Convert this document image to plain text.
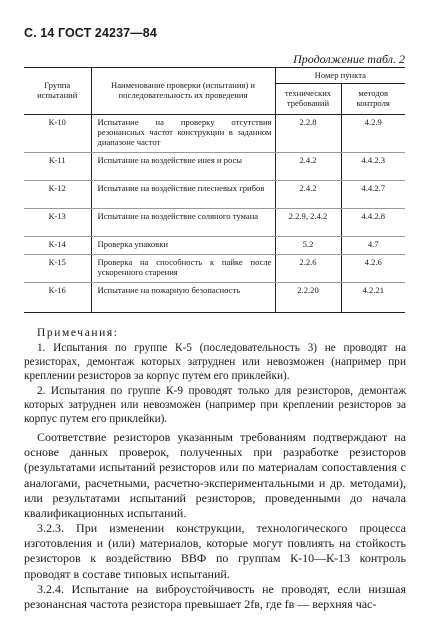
С. 14 ГОСТ 24237—84
Продолжение табл. 2
Группа испытаний	Наименование проверки (испытания) и последовательность их проведения	Номер пункта	
		технических требований	методов контроля
К-10	Испытание на проверку отсутствия резонансных частот конструкции в заданном диапазоне частот	2.2.8	4.2.9
К-11	Испытание на воздействие инея и росы	2.4.2	4.4.2.3
К-12	Испытание на воздействие плесневых грибов	2.4.2	4.4.2.7
К-13	Испытание на воздействие соляного тумана	2.2.9, 2.4.2	4.4.2.8
К-14	Проверка упаковки	5.2	4.7
К-15	Проверка на способность к пайке после ускоренного старения	2.2.6	4.2.6
К-16	Испытание на пожарную безопасность	2.2.20	4.2.21
Примечания:

1. Испытания по группе К-5 (последовательность 3) не проводят на резисторах, демонтаж которых затруднен или невозможен (например при креплении резисторов за корпус путем его приклейки).

2. Испытания по группе К-9 проводят только для резисторов, демонтаж которых затруднен или невозможен (например при креплении резисторов за корпус путем его приклейки).

Соответствие резисторов указанным требованиям подтверждают на основе данных проверок, полученных при разработке резисторов (результатами испытаний резисторов или по материалам сопоставления с аналогами, расчетными, расчетно-экспериментальными и др. методами), или результатами испытаний резисторов, проведенными до начала квалификационных испытаний.

3.2.3. При изменении конструкции, технологического процесса изготовления и (или) материалов, которые могут повлиять на стойкость резисторов к воздействию ВВФ по группам К-10—К-13 контроль проводят в составе типовых испытаний.

3.2.4. Испытание на виброустойчивость не проводят, если низшая резонансная частота резистора превышает 2fв, где fв — верхняя час-
